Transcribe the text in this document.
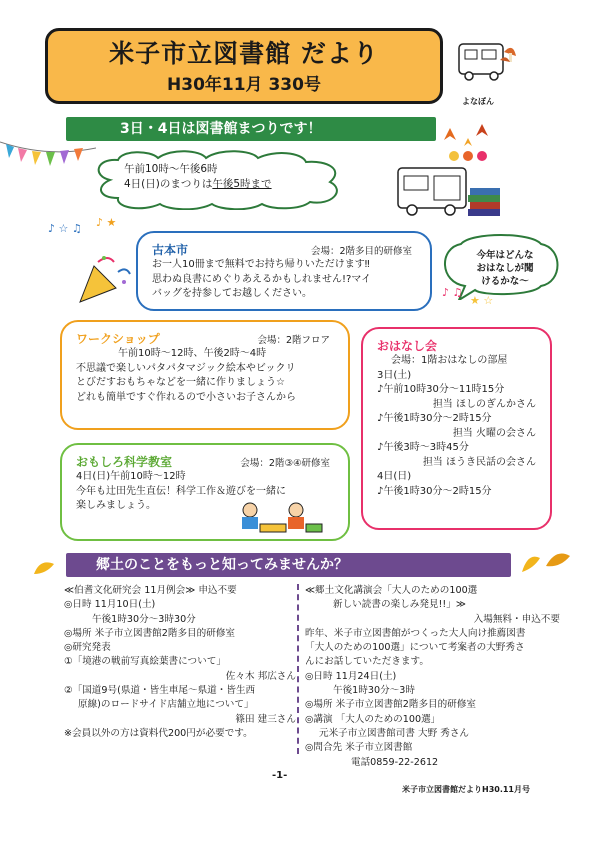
米子市立図書館 だより
H30年11月 330号
よなぼん
3日・4日は図書館まつりです！
午前10時〜午後6時
4日(日)のまつりは午後5時まで
♪ ☆ ♫ ♪ ★
古本市	会場：2階多目的研修室
お一人10冊まで無料でお持ち帰りいただけます‼
思わぬ良書にめぐりあえるかもしれません!?マイ
バッグを持参してお越しください。
今年はどんな
おはなしが聞
けるかな〜
♪ ♫
★ ☆
ワークショップ	会場：2階フロア
午前10時〜12時、午後2時〜4時
不思議で楽しいパタパタマジック絵本やビックリ
とびだすおもちゃなどを一緒に作りましょう☆
どれも簡単ですぐ作れるので小さいお子さんから
おもしろ科学教室	会場：2階③④研修室
4日(日)午前10時〜12時
今年も辻田先生直伝！科学工作＆遊びを一緒に
楽しみましょう。
おはなし会
会場：1階おはなしの部屋
3日(土)
♪午前10時30分〜11時15分
担当 ほしのぎんかさん
♪午後1時30分〜2時15分
担当 火曜の会さん
♪午後3時〜3時45分
担当 ほうき民話の会さん
4日(日)
♪午後1時30分〜2時15分
郷土のことをもっと知ってみませんか？
≪伯耆文化研究会 11月例会≫ 申込不要
◎日時 11月10日(土)
午後1時30分〜3時30分
◎場所 米子市立図書館2階多目的研修室
◎研究発表
①「境港の戦前写真絵葉書について」
佐々木 邦広さん
②「国道9号(県道・皆生車尾〜県道・皆生西
原線)のロードサイド店舗立地について」
篠田 建三さん
※会員以外の方は資料代200円が必要です。
≪郷土文化講演会「大人のための100選
新しい読書の楽しみ発見!!」≫
入場無料・申込不要
昨年、米子市立図書館がつくった大人向け推薦図書
「大人のための100選」について考案者の大野秀さ
んにお話していただきます。
◎日時 11月24日(土)
午後1時30分〜3時
◎場所 米子市立図書館2階多目的研修室
◎講演 「大人のための100選」
元米子市立図書館司書 大野 秀さん
◎問合先 米子市立図書館
電話0859-22-2612
-1-
米子市立図書館だよりH30.11月号
